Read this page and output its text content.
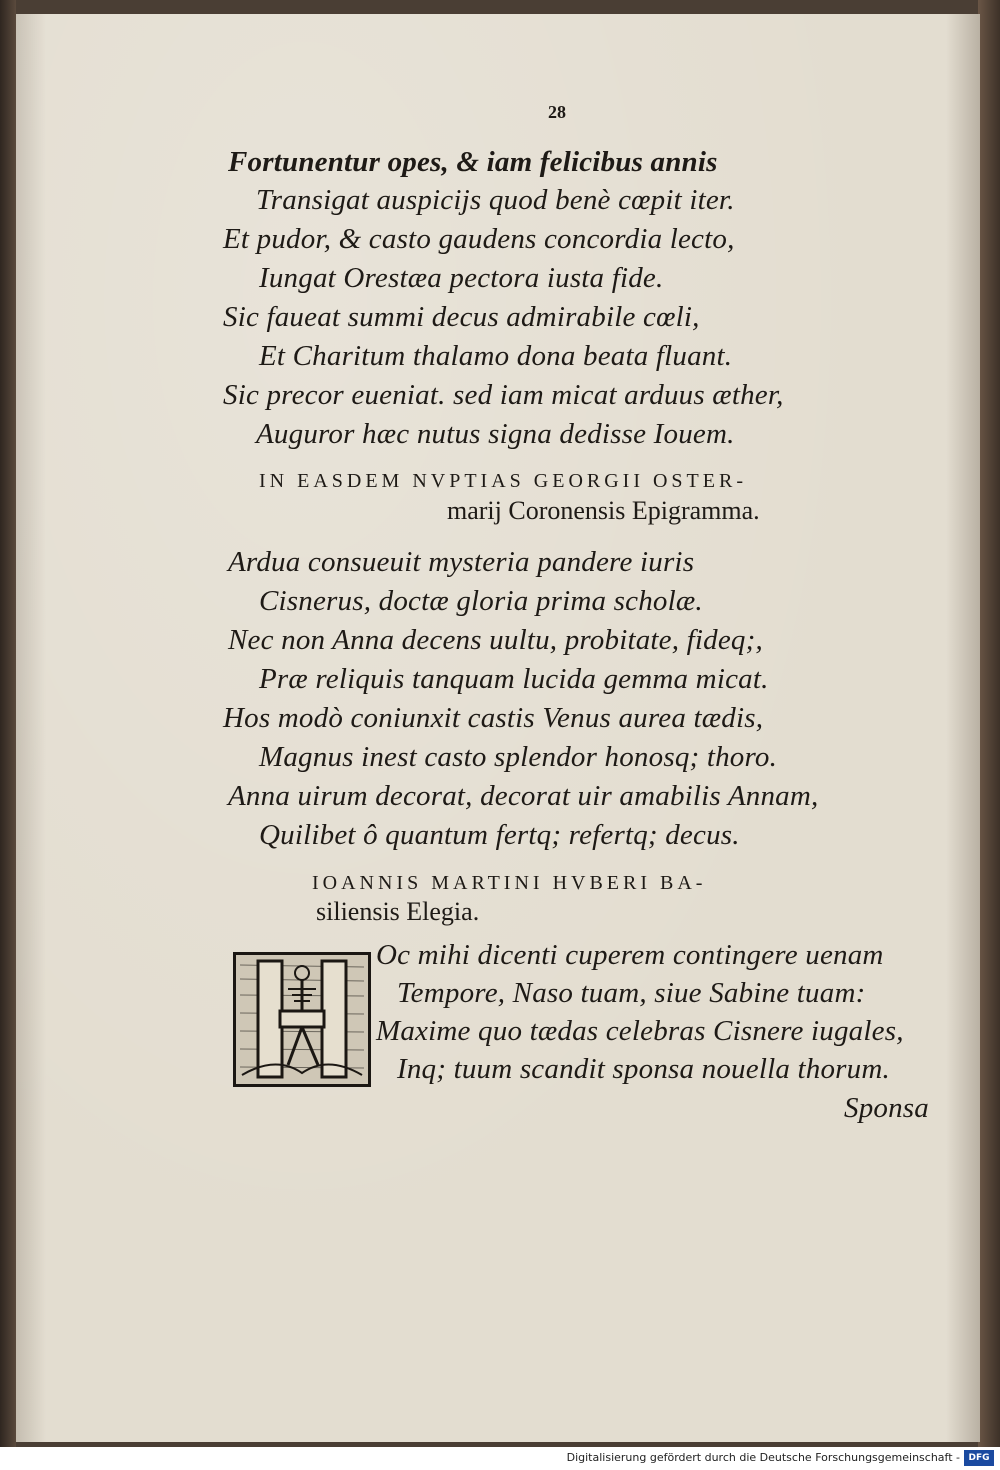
28
Fortunentur opes, & iam felicibus annis
Transigat auspicijs quod benè cœpit iter.
Et pudor, & casto gaudens concordia lecto,
Iungat Orestæa pectora iusta fide.
Sic faueat summi decus admirabile cœli,
Et Charitum thalamo dona beata fluant.
Sic precor eueniat. sed iam micat arduus æther,
Auguror hæc nutus signa dedisse Iouem.
IN EASDEM NVPTIAS GEORGII OSTER-
marij Coronensis Epigramma.
Ardua consueuit mysteria pandere iuris
Cisnerus, doctæ gloria prima scholæ.
Nec non Anna decens uultu, probitate, fideq;,
Præ reliquis tanquam lucida gemma micat.
Hos modò coniunxit castis Venus aurea tædis,
Magnus inest casto splendor honosq; thoro.
Anna uirum decorat, decorat uir amabilis Annam,
Quilibet ô quantum fertq; refertq; decus.
IOANNIS MARTINI HVBERI BA-
siliensis Elegia.
Oc mihi dicenti cuperem contingere uenam
Tempore, Naso tuam, siue Sabine tuam:
Maxime quo tædas celebras Cisnere iugales,
Inq; tuum scandit sponsa nouella thorum.
Sponsa
Digitalisierung gefördert durch die Deutsche Forschungsgemeinschaft - DFG
